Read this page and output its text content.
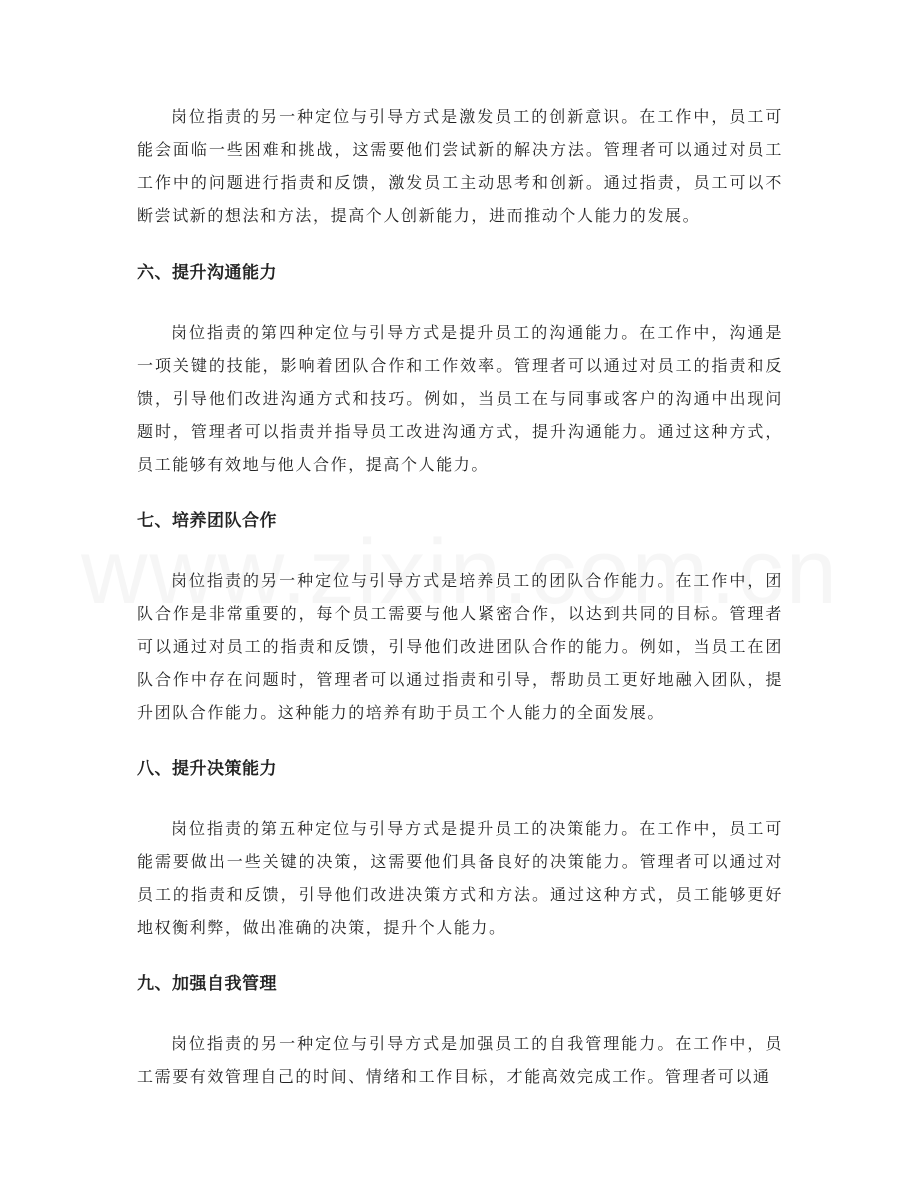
岗位指责的另一种定位与引导方式是激发员工的创新意识。在工作中，员工可能会面临一些困难和挑战，这需要他们尝试新的解决方法。管理者可以通过对员工工作中的问题进行指责和反馈，激发员工主动思考和创新。通过指责，员工可以不断尝试新的想法和方法，提高个人创新能力，进而推动个人能力的发展。

六、提升沟通能力

岗位指责的第四种定位与引导方式是提升员工的沟通能力。在工作中，沟通是一项关键的技能，影响着团队合作和工作效率。管理者可以通过对员工的指责和反馈，引导他们改进沟通方式和技巧。例如，当员工在与同事或客户的沟通中出现问题时，管理者可以指责并指导员工改进沟通方式，提升沟通能力。通过这种方式，员工能够有效地与他人合作，提高个人能力。

七、培养团队合作

岗位指责的另一种定位与引导方式是培养员工的团队合作能力。在工作中，团队合作是非常重要的，每个员工需要与他人紧密合作，以达到共同的目标。管理者可以通过对员工的指责和反馈，引导他们改进团队合作的能力。例如，当员工在团队合作中存在问题时，管理者可以通过指责和引导，帮助员工更好地融入团队，提升团队合作能力。这种能力的培养有助于员工个人能力的全面发展。

八、提升决策能力

岗位指责的第五种定位与引导方式是提升员工的决策能力。在工作中，员工可能需要做出一些关键的决策，这需要他们具备良好的决策能力。管理者可以通过对员工的指责和反馈，引导他们改进决策方式和方法。通过这种方式，员工能够更好地权衡利弊，做出准确的决策，提升个人能力。

九、加强自我管理

岗位指责的另一种定位与引导方式是加强员工的自我管理能力。在工作中，员工需要有效管理自己的时间、情绪和工作目标，才能高效完成工作。管理者可以通
